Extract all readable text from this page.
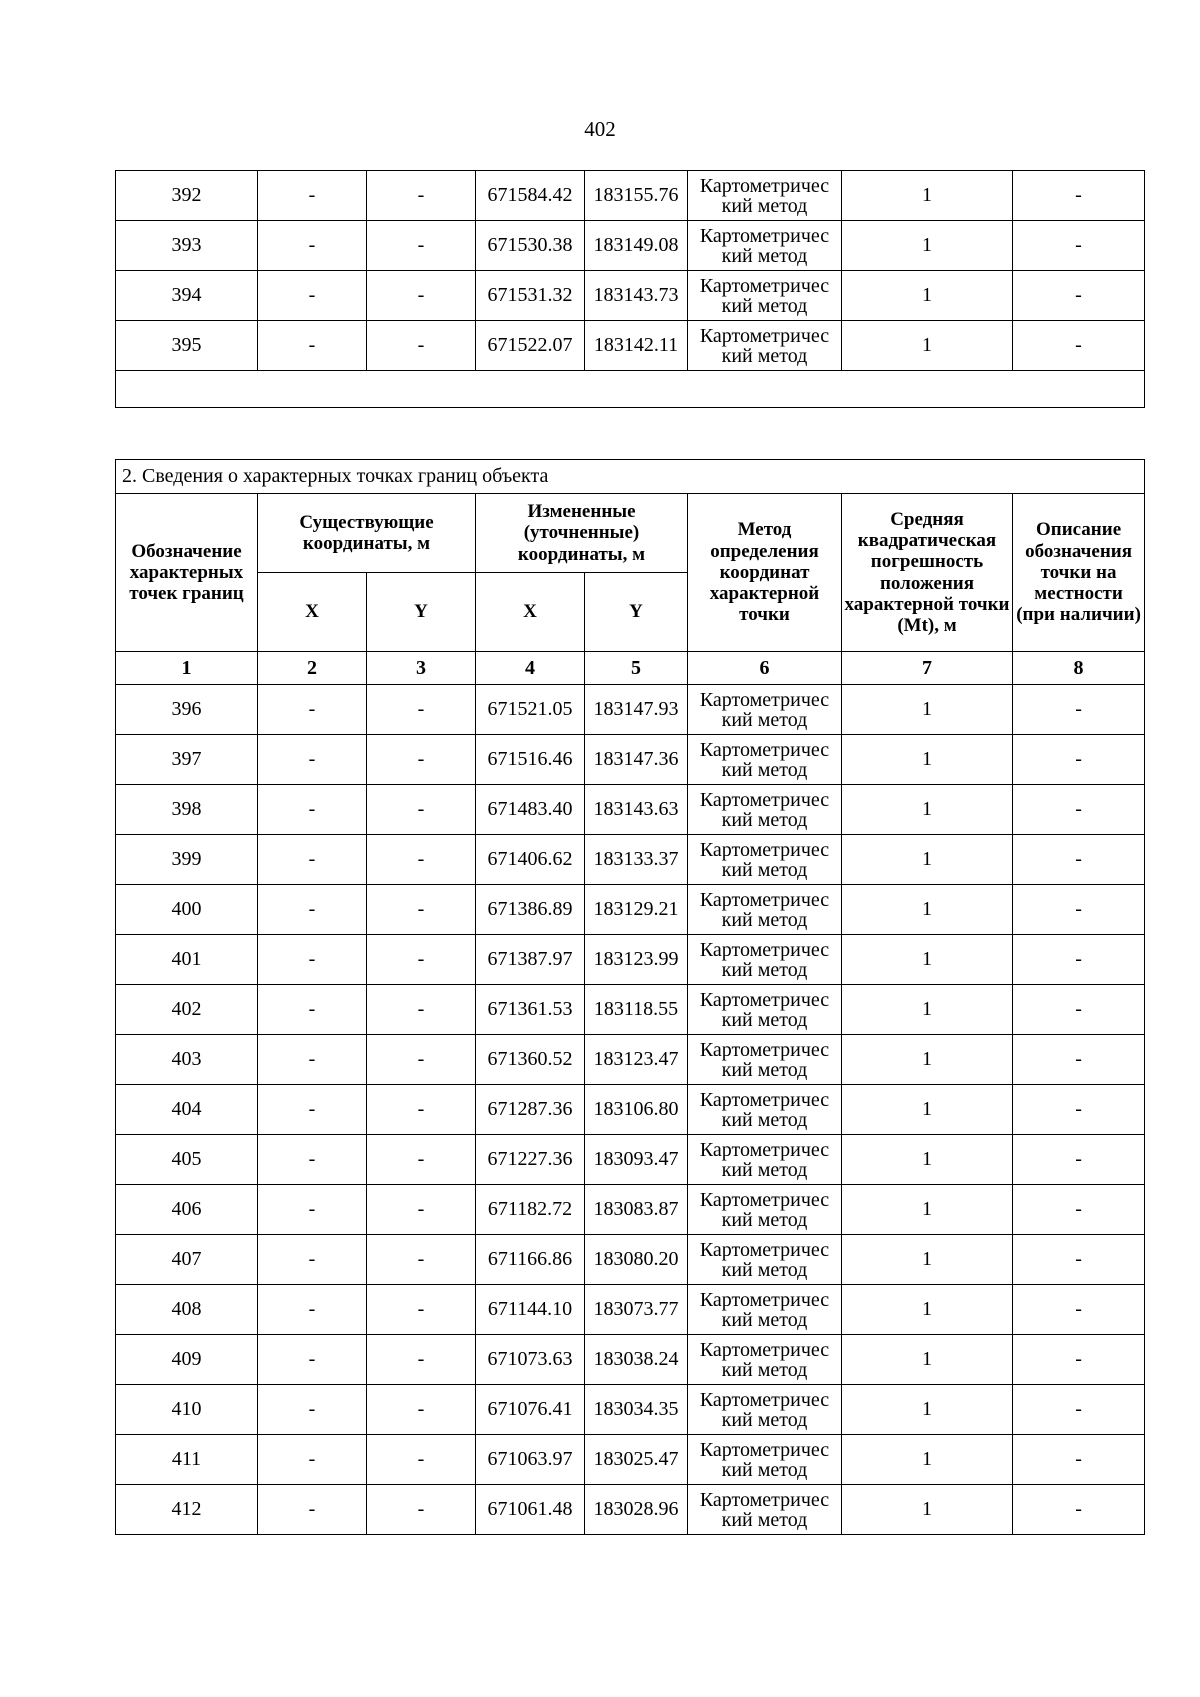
402
392	-	-	671584.42	183155.76	Картометричес кий метод	1	-
393	-	-	671530.38	183149.08	Картометричес кий метод	1	-
394	-	-	671531.32	183143.73	Картометричес кий метод	1	-
395	-	-	671522.07	183142.11	Картометричес кий метод	1	-

2. Сведения о характерных точках границ объекта							
Обозначение характерных точек границ	Существующие координаты, м		Измененные (уточненные) координаты, м		Метод определения координат характерной точки	Средняя квадратическая погрешность положения характерной точки (Mt), м	Описание обозначения точки на местности (при наличии)
	X	Y	X	Y			
1	2	3	4	5	6	7	8
396	-	-	671521.05	183147.93	Картометричес кий метод	1	-
397	-	-	671516.46	183147.36	Картометричес кий метод	1	-
398	-	-	671483.40	183143.63	Картометричес кий метод	1	-
399	-	-	671406.62	183133.37	Картометричес кий метод	1	-
400	-	-	671386.89	183129.21	Картометричес кий метод	1	-
401	-	-	671387.97	183123.99	Картометричес кий метод	1	-
402	-	-	671361.53	183118.55	Картометричес кий метод	1	-
403	-	-	671360.52	183123.47	Картометричес кий метод	1	-
404	-	-	671287.36	183106.80	Картометричес кий метод	1	-
405	-	-	671227.36	183093.47	Картометричес кий метод	1	-
406	-	-	671182.72	183083.87	Картометричес кий метод	1	-
407	-	-	671166.86	183080.20	Картометричес кий метод	1	-
408	-	-	671144.10	183073.77	Картометричес кий метод	1	-
409	-	-	671073.63	183038.24	Картометричес кий метод	1	-
410	-	-	671076.41	183034.35	Картометричес кий метод	1	-
411	-	-	671063.97	183025.47	Картометричес кий метод	1	-
412	-	-	671061.48	183028.96	Картометричес кий метод	1	-
